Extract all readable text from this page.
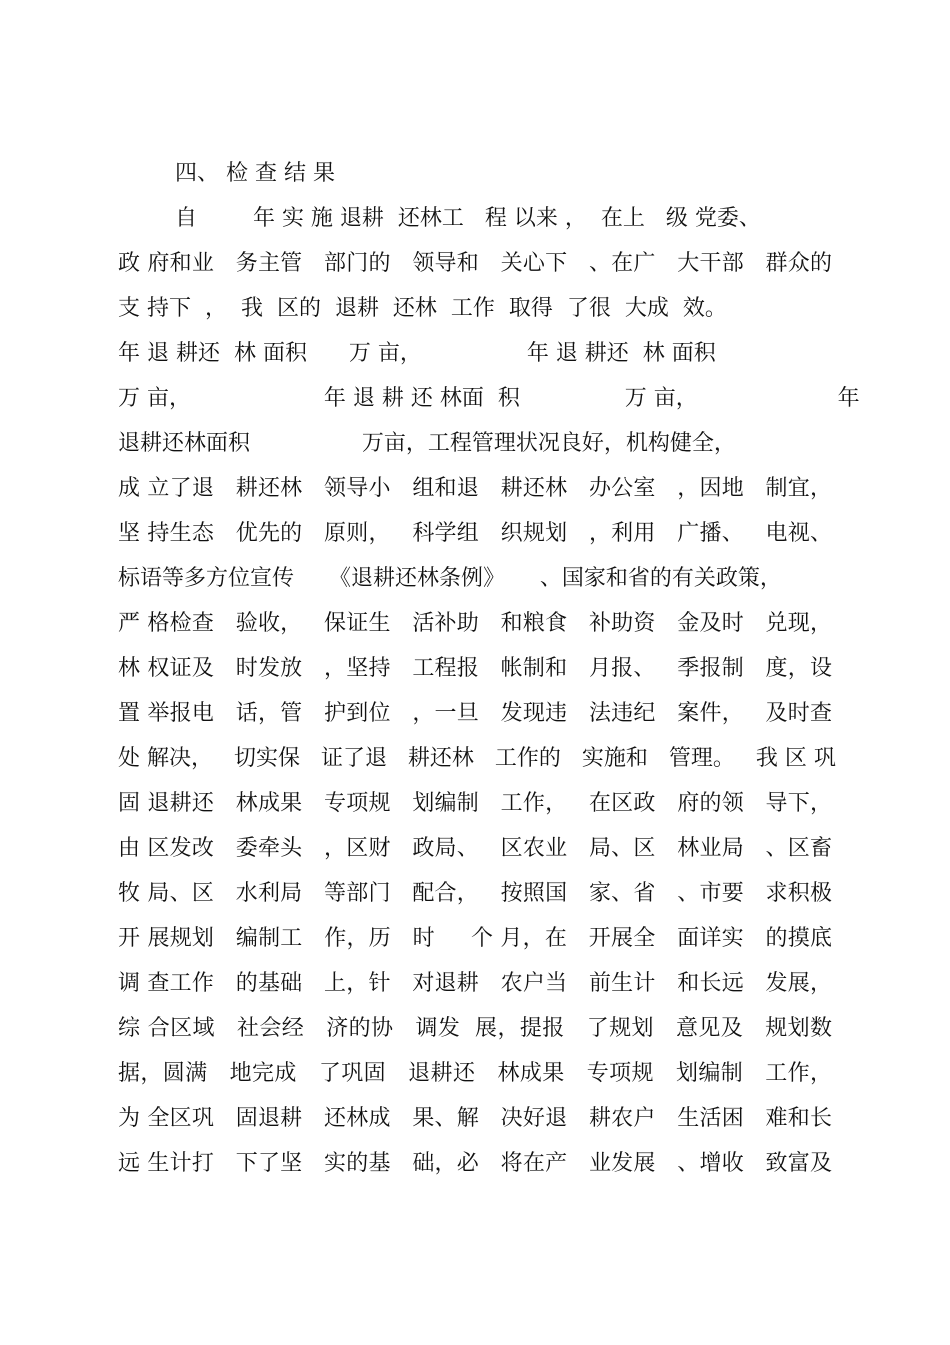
四、 检 查 结 果

自        年 实 施 退耕  还林工   程 以来 ，  在上   级 党委、

政 府和业   务主管   部门的   领导和   关心下   、在广   大干部   群众的

支 持下  ，  我  区的  退耕  还林  工作  取得  了很  大成  效。

年 退 耕还  林 面积      万 亩，               年 退 耕还  林 面积

万 亩，                   年 退 耕 还 林面  积               万 亩，                    年

退耕还林面积                万亩，工程管理状况良好，机构健全，

成 立了退   耕还林   领导小   组和退   耕还林   办公室   ，因地   制宜，

坚 持生态   优先的   原则，   科学组   织规划   ，利用   广播、   电视、

标语等多方位宣传     《退耕还林条例》     、国家和省的有关政策，

严 格检查   验收，   保证生   活补助   和粮食   补助资   金及时   兑现，

林 权证及   时发放   ，坚持   工程报   帐制和   月报、   季报制   度，设

置 举报电   话，管   护到位   ，一旦   发现违   法违纪   案件，   及时查

处 解决，   切实保   证了退   耕还林   工作的   实施和   管理。   我 区 巩

固 退耕还   林成果   专项规   划编制   工作，   在区政   府的领   导下，

由 区发改   委牵头   ，区财   政局、   区农业   局、区   林业局   、区畜

牧 局、区   水利局   等部门   配合，   按照国   家、省   、市要   求积极

开 展规划   编制工   作，历   时     个 月，在   开展全   面详实   的摸底

调 查工作   的基础   上，针   对退耕   农户当   前生计   和长远   发展，

综 合区域   社会经   济的协   调发  展，提报   了规划   意见及   规划数

据，圆满   地完成   了巩固   退耕还   林成果   专项规   划编制   工作，

为 全区巩   固退耕   还林成   果、解   决好退   耕农户   生活困   难和长

远 生计打   下了坚   实的基   础，必   将在产   业发展   、增收   致富及
